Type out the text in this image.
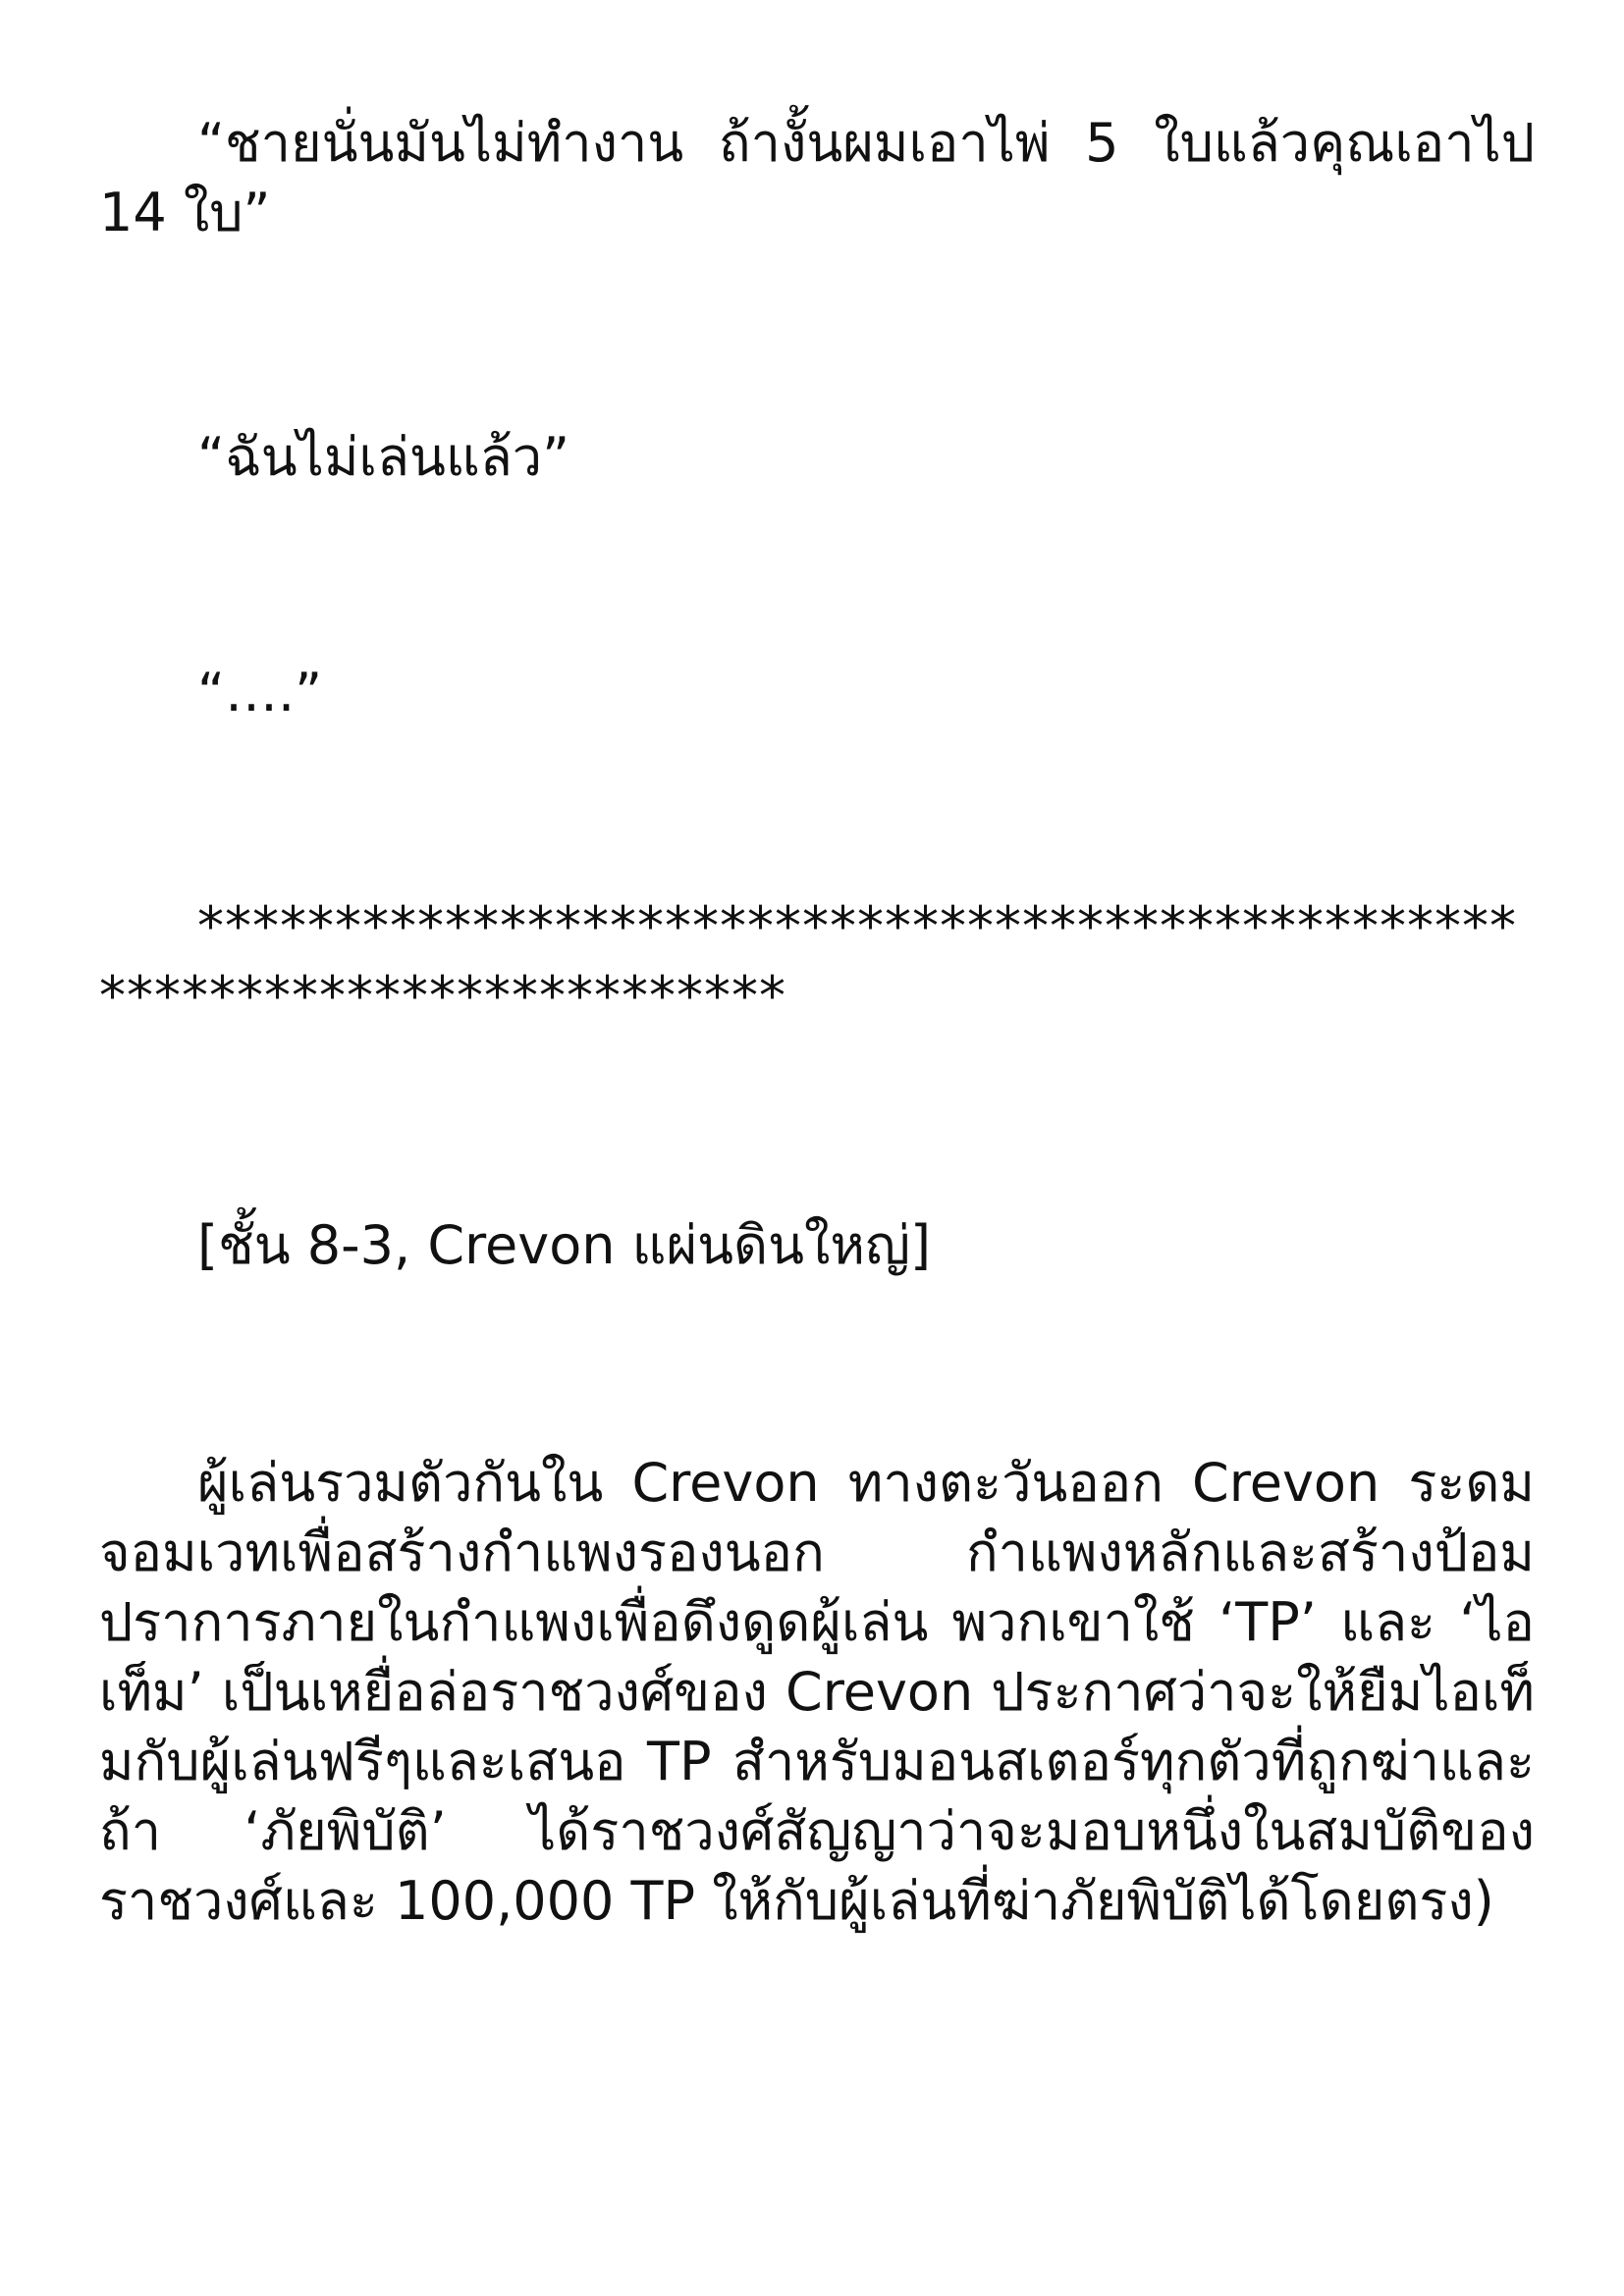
“ชายนั่นมันไม่ทำงาน ถ้างั้นผมเอาไพ่ 5 ใบแล้วคุณเอาไป 14 ใบ”

“ฉันไม่เล่นแล้ว”

“….”

*************************************************************************

[ชั้น 8-3, Crevon แผ่นดินใหญ่]

ผู้เล่นรวมตัวกันใน Crevon ทางตะวันออก Crevon ระดมจอมเวทเพื่อสร้างกำแพงรองนอก กำแพงหลักและสร้างป้อมปราการภายในกำแพงเพื่อดึงดูดผู้เล่น พวกเขาใช้ ‘TP’ และ ‘ไอเท็ม’ เป็นเหยื่อล่อราชวงศ์ของ Crevon ประกาศว่าจะให้ยืมไอเท็มกับผู้เล่นฟรีๆและเสนอ TP สำหรับมอนสเตอร์ทุกตัวที่ถูกฆ่าและถ้า ‘ภัยพิบัติ’ ได้ราชวงศ์สัญญาว่าจะมอบหนึ่งในสมบัติของราชวงศ์และ 100,000 TP ให้กับผู้เล่นที่ฆ่าภัยพิบัติได้โดยตรง)
